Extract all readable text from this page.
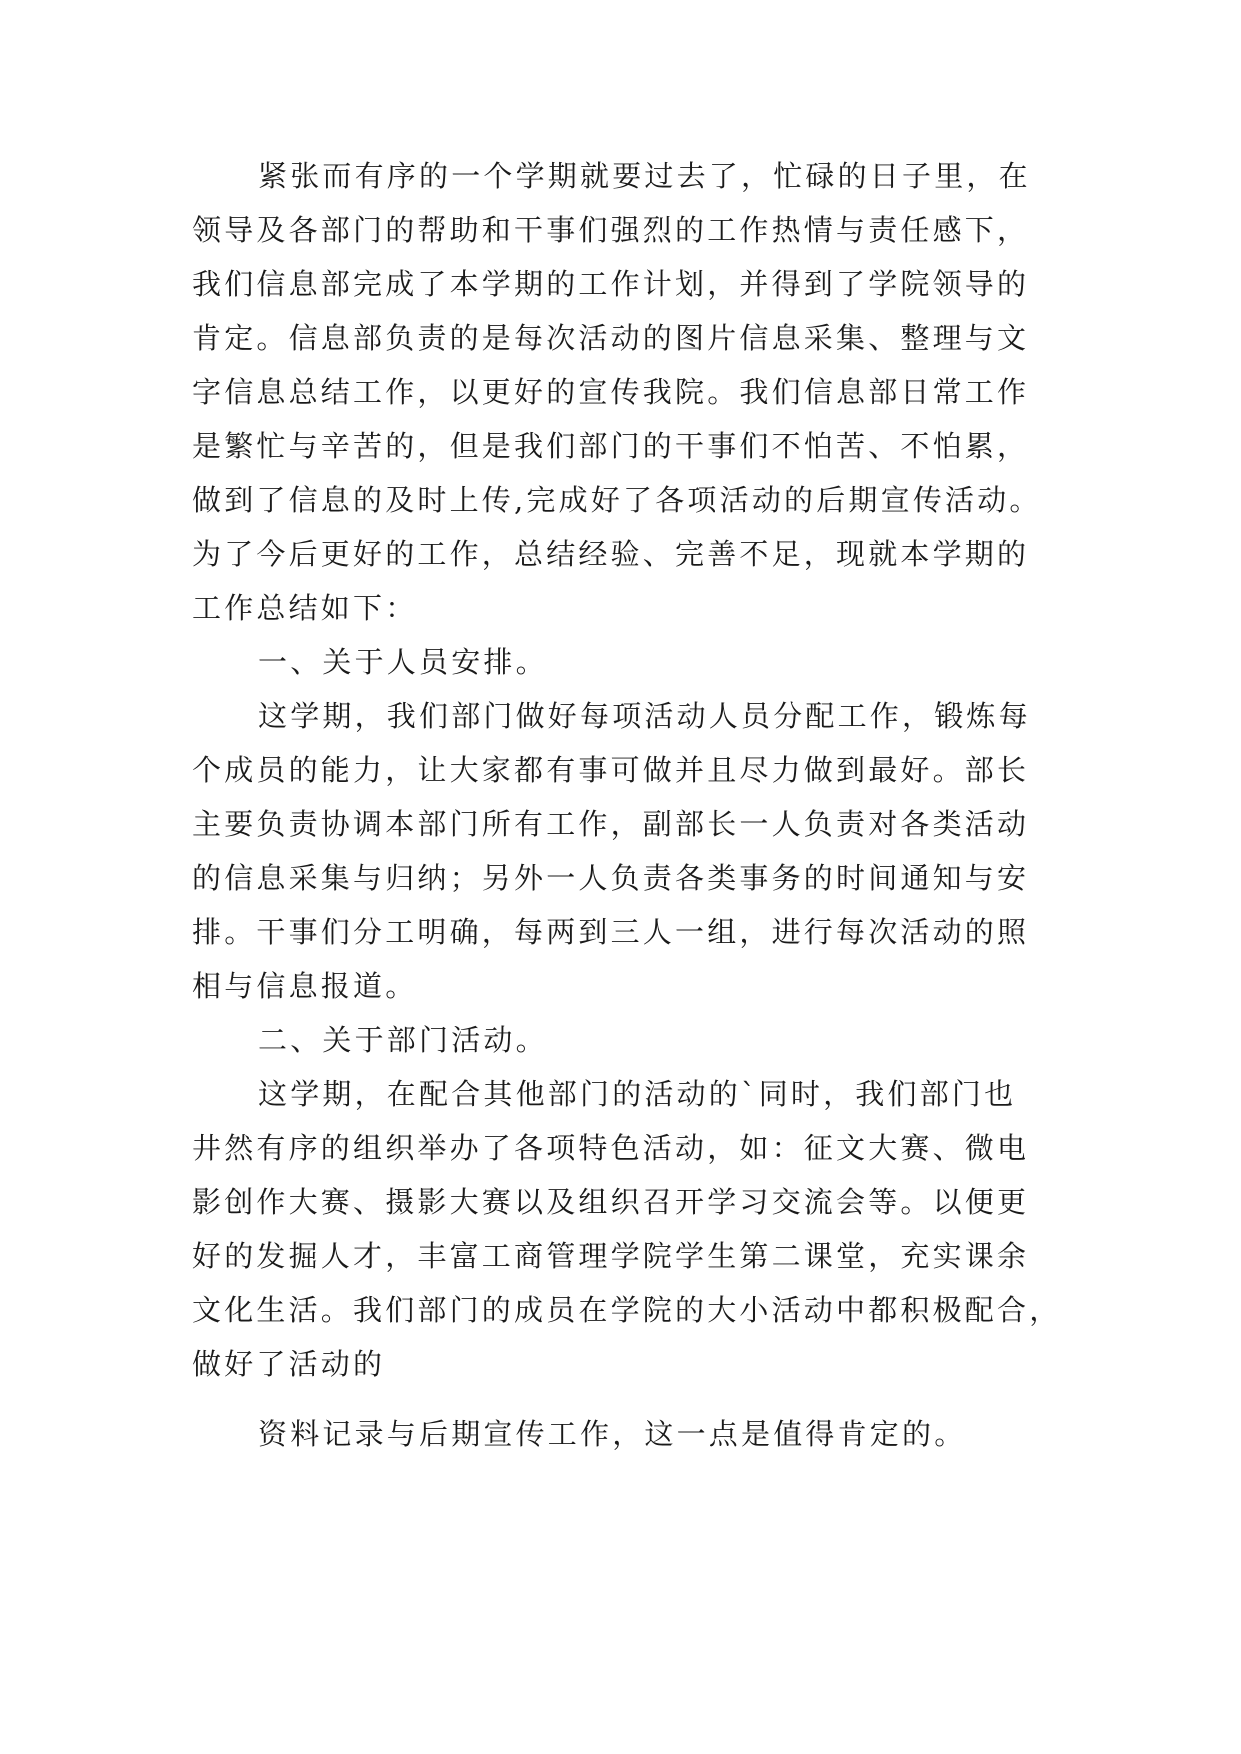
紧张而有序的一个学期就要过去了，忙碌的日子里，在
领导及各部门的帮助和干事们强烈的工作热情与责任感下，
我们信息部完成了本学期的工作计划，并得到了学院领导的
肯定。信息部负责的是每次活动的图片信息采集、整理与文
字信息总结工作，以更好的宣传我院。我们信息部日常工作
是繁忙与辛苦的，但是我们部门的干事们不怕苦、不怕累，
做到了信息的及时上传,完成好了各项活动的后期宣传活动。
为了今后更好的工作，总结经验、完善不足，现就本学期的
工作总结如下：
一、关于人员安排。
这学期，我们部门做好每项活动人员分配工作，锻炼每
个成员的能力，让大家都有事可做并且尽力做到最好。部长
主要负责协调本部门所有工作，副部长一人负责对各类活动
的信息采集与归纳；另外一人负责各类事务的时间通知与安
排。干事们分工明确，每两到三人一组，进行每次活动的照
相与信息报道。
二、关于部门活动。
这学期，在配合其他部门的活动的`同时，我们部门也
井然有序的组织举办了各项特色活动，如：征文大赛、微电
影创作大赛、摄影大赛以及组织召开学习交流会等。以便更
好的发掘人才，丰富工商管理学院学生第二课堂，充实课余
文化生活。我们部门的成员在学院的大小活动中都积极配合，
做好了活动的
资料记录与后期宣传工作，这一点是值得肯定的。
